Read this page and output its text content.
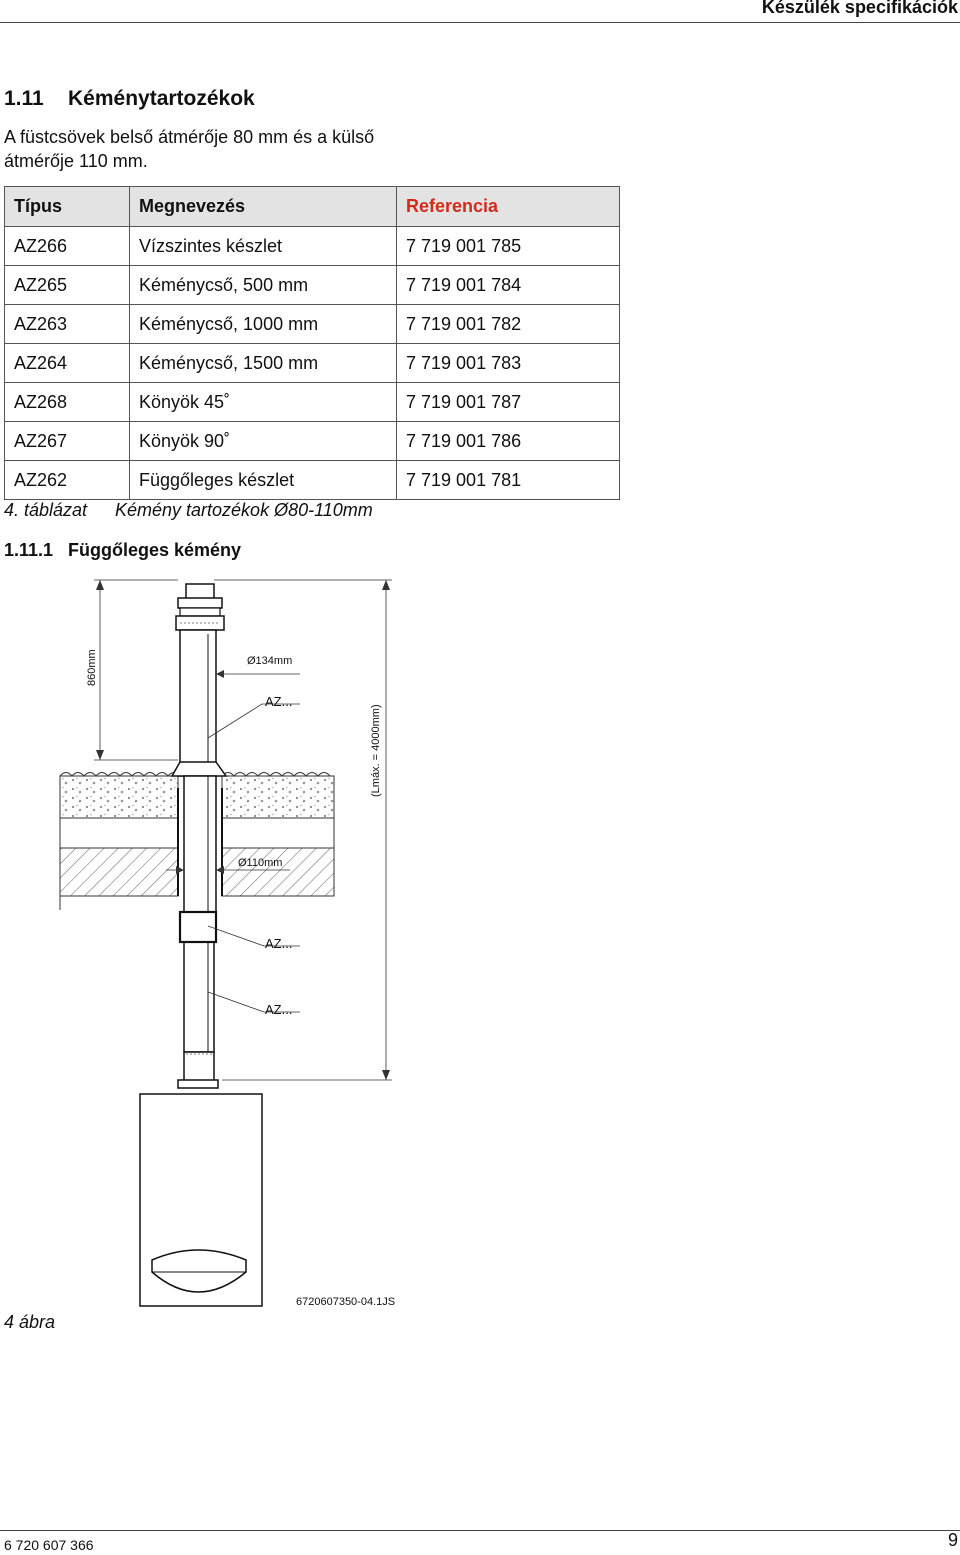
Készülék specifikációk
1.11 Kéménytartozékok
A füstcsövek belső átmérője 80 mm és a külső átmérője 110 mm.
Típus	Megnevezés	Referencia
AZ266	Vízszintes készlet	7 719 001 785
AZ265	Kéménycső, 500 mm	7 719 001 784
AZ263	Kéménycső, 1000 mm	7 719 001 782
AZ264	Kéménycső, 1500 mm	7 719 001 783
AZ268	Könyök 45˚	7 719 001 787
AZ267	Könyök 90˚	7 719 001 786
AZ262	Függőleges készlet	7 719 001 781
4. táblázat Kémény tartozékok Ø80-110mm
1.11.1 Függőleges kémény
860mm
(Lmáx. = 4000mm)
Ø134mm
Ø110mm
AZ...
AZ...
AZ...
6720607350-04.1JS
4 ábra
6 720 607 366	9
